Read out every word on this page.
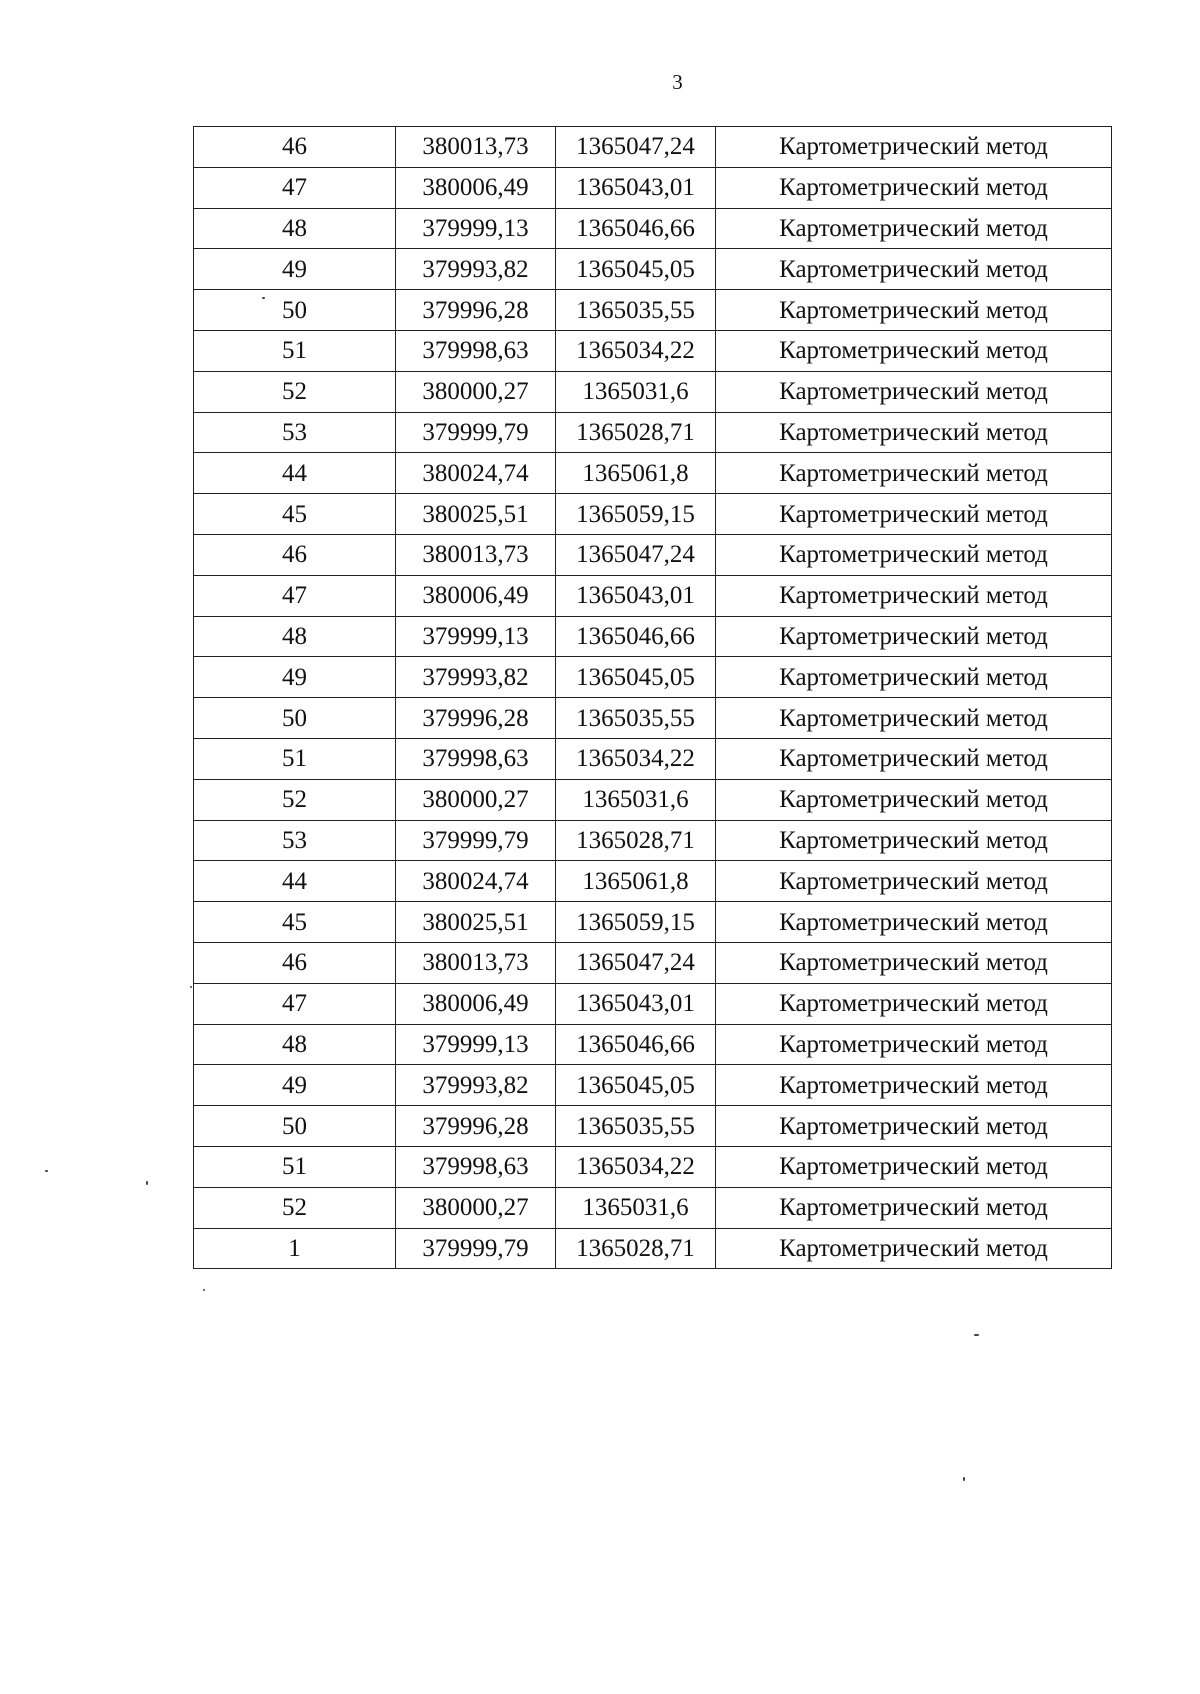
3
46	380013,73	1365047,24	Картометрический метод
47	380006,49	1365043,01	Картометрический метод
48	379999,13	1365046,66	Картометрический метод
49	379993,82	1365045,05	Картометрический метод
50	379996,28	1365035,55	Картометрический метод
51	379998,63	1365034,22	Картометрический метод
52	380000,27	1365031,6	Картометрический метод
53	379999,79	1365028,71	Картометрический метод
44	380024,74	1365061,8	Картометрический метод
45	380025,51	1365059,15	Картометрический метод
46	380013,73	1365047,24	Картометрический метод
47	380006,49	1365043,01	Картометрический метод
48	379999,13	1365046,66	Картометрический метод
49	379993,82	1365045,05	Картометрический метод
50	379996,28	1365035,55	Картометрический метод
51	379998,63	1365034,22	Картометрический метод
52	380000,27	1365031,6	Картометрический метод
53	379999,79	1365028,71	Картометрический метод
44	380024,74	1365061,8	Картометрический метод
45	380025,51	1365059,15	Картометрический метод
46	380013,73	1365047,24	Картометрический метод
47	380006,49	1365043,01	Картометрический метод
48	379999,13	1365046,66	Картометрический метод
49	379993,82	1365045,05	Картометрический метод
50	379996,28	1365035,55	Картометрический метод
51	379998,63	1365034,22	Картометрический метод
52	380000,27	1365031,6	Картометрический метод
1	379999,79	1365028,71	Картометрический метод
